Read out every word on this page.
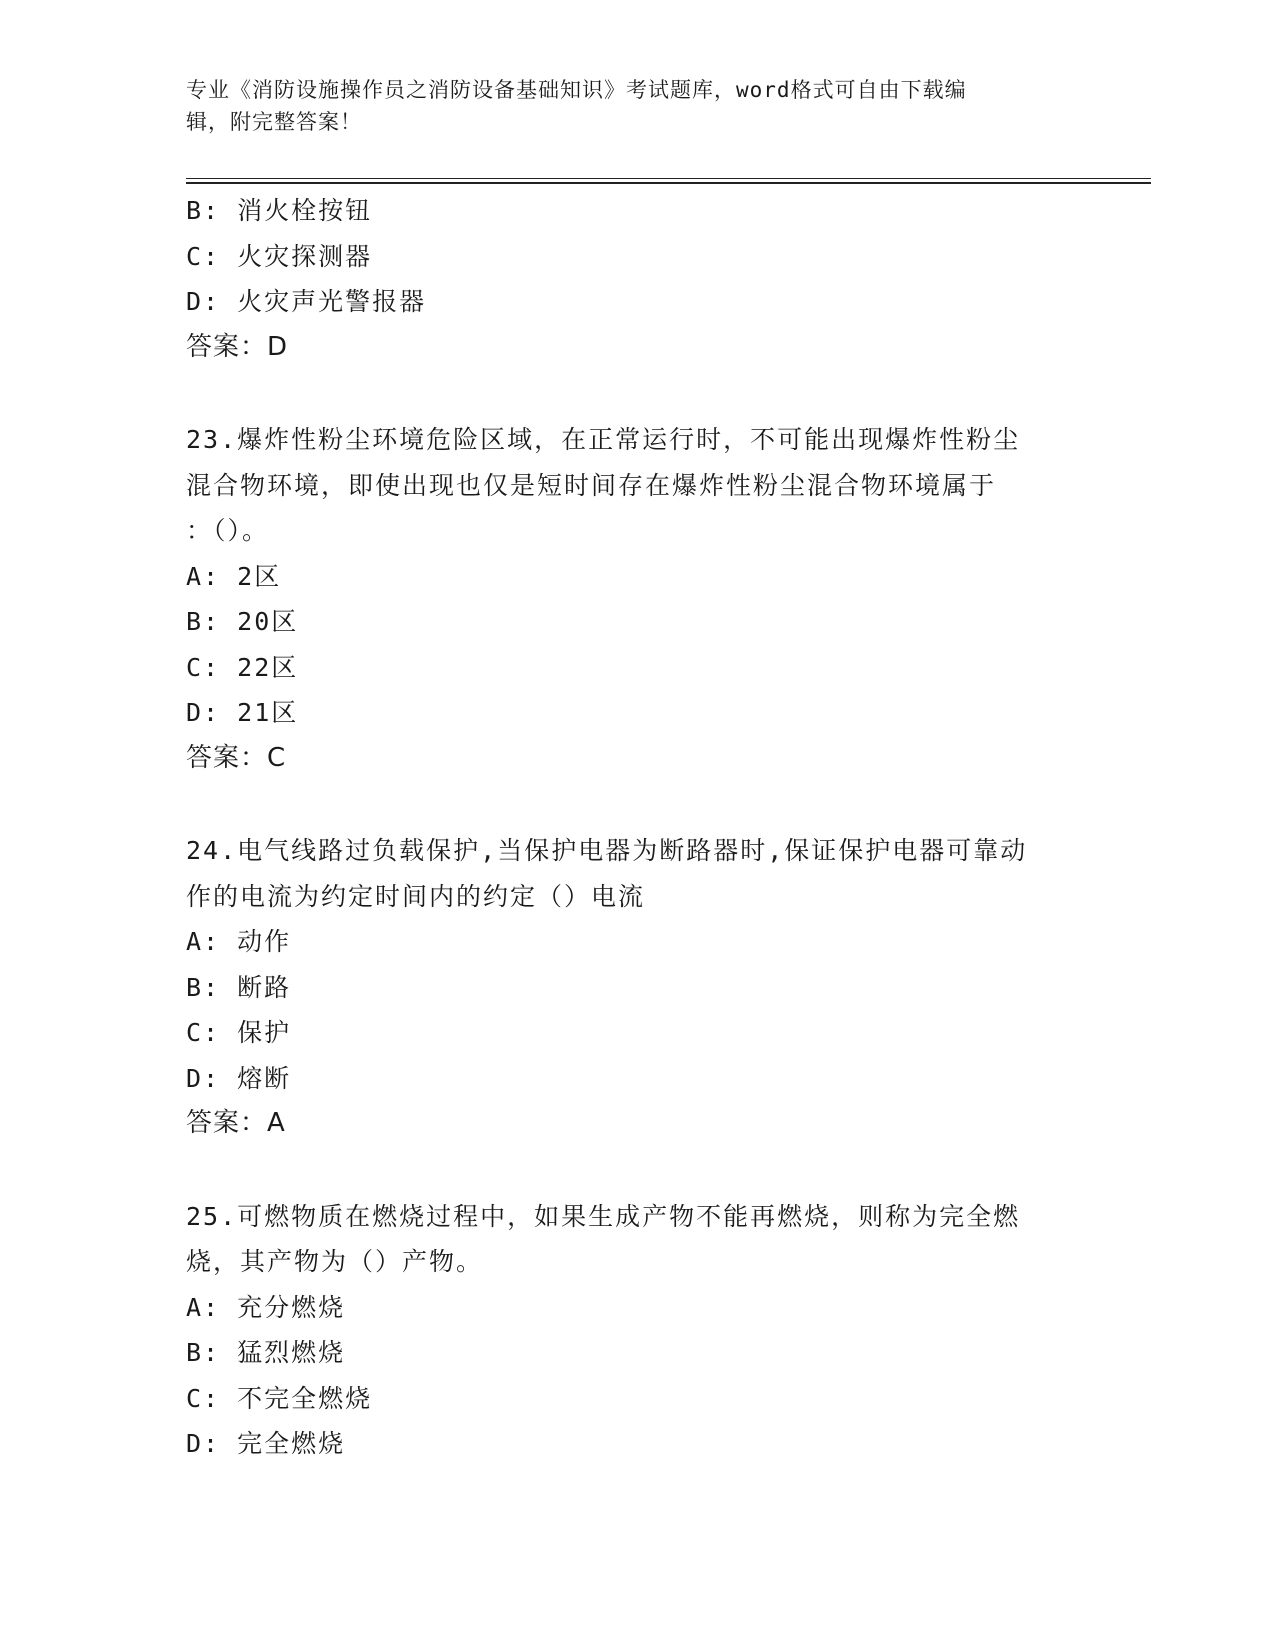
专业《消防设施操作员之消防设备基础知识》考试题库，word格式可自由下载编
辑，附完整答案！
B: 消火栓按钮
C: 火灾探测器
D: 火灾声光警报器
答案：D
23.爆炸性粉尘环境危险区域，在正常运行时，不可能出现爆炸性粉尘
混合物环境，即使出现也仅是短时间存在爆炸性粉尘混合物环境属于
：（）。
A: 2区
B: 20区
C: 22区
D: 21区
答案：C
24.电气线路过负载保护,当保护电器为断路器时,保证保护电器可靠动
作的电流为约定时间内的约定（）电流
A: 动作
B: 断路
C: 保护
D: 熔断
答案：A
25.可燃物质在燃烧过程中，如果生成产物不能再燃烧，则称为完全燃
烧，其产物为（）产物。
A: 充分燃烧
B: 猛烈燃烧
C: 不完全燃烧
D: 完全燃烧
